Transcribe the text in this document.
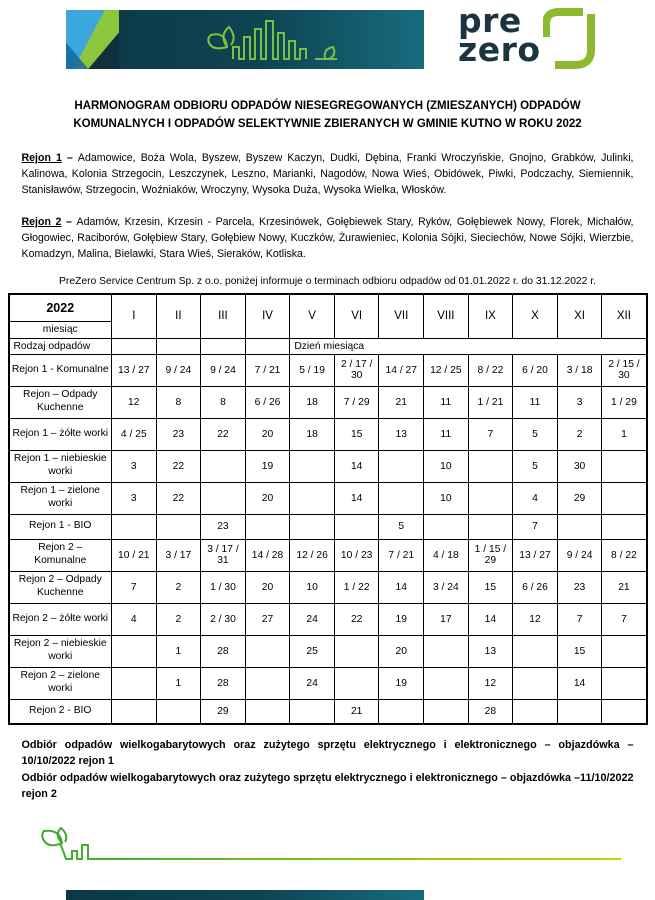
pre
zero
HARMONOGRAM ODBIORU ODPADÓW NIESEGREGOWANYCH (ZMIESZANYCH) ODPADÓW KOMUNALNYCH I ODPADÓW SELEKTYWNIE ZBIERANYCH W GMINIE KUTNO W ROKU 2022

Rejon 1 – Adamowice, Boża Wola, Byszew, Byszew Kaczyn, Dudki, Dębina, Franki Wroczyńskie, Gnojno, Grabków, Julinki, Kalinowa, Kolonia Strzegocin, Leszczynek, Leszno, Marianki, Nagodów, Nowa Wieś, Obidówek, Piwki, Podczachy, Siemiennik, Stanisławów, Strzegocin, Woźniaków, Wroczyny, Wysoka Duża, Wysoka Wielka, Włosków.

Rejon 2 – Adamów, Krzesin, Krzesin - Parcela, Krzesinówek, Gołębiewek Stary, Ryków, Gołębiewek Nowy, Florek, Michałów, Głogowiec, Raciborów, Gołębiew Stary, Gołębiew Nowy, Kuczków, Żurawieniec, Kolonia Sójki, Sieciechów, Nowe Sójki, Wierzbie, Komadzyn, Malina, Bielawki, Stara Wieś, Sieraków, Kotliska.

PreZero Service Centrum Sp. z o.o. poniżej informuje o terminach odbioru odpadów od 01.01.2022 r. do 31.12.2022 r.
2022	I	II	III	IV	V	VI	VII	VIII	IX	X	XI	XII
miesiąc												
Rodzaj odpadów					Dzień miesiąca							
Rejon 1 - Komunalne	13 / 27	9 / 24	9 / 24	7 / 21	5 / 19	2 / 17 / 30	14 / 27	12 / 25	8 / 22	6 / 20	3 / 18	2 / 15 / 30
Rejon – Odpady Kuchenne	12	8	8	6 / 26	18	7 / 29	21	11	1 / 21	11	3	1 / 29
Rejon 1 – żółte worki	4 / 25	23	22	20	18	15	13	11	7	5	2	1
Rejon 1 – niebieskie worki	3	22		19		14		10		5	30	
Rejon 1 – zielone worki	3	22		20		14		10		4	29	
Rejon 1 - BIO			23				5			7		
Rejon 2 – Komunalne	10 / 21	3 / 17	3 / 17 / 31	14 / 28	12 / 26	10 / 23	7 / 21	4 / 18	1 / 15 / 29	13 / 27	9 / 24	8 / 22
Rejon 2 – Odpady Kuchenne	7	2	1 / 30	20	10	1 / 22	14	3 / 24	15	6 / 26	23	21
Rejon 2 – żółte worki	4	2	2 / 30	27	24	22	19	17	14	12	7	7
Rejon 2 – niebieskie worki		1	28		25		20		13		15	
Rejon 2 – zielone worki		1	28		24		19		12		14	
Rejon 2 - BIO			29			21			28			
Odbiór odpadów wielkogabarytowych oraz zużytego sprzętu elektrycznego i elektronicznego – objazdówka –10/10/2022 rejon 1
Odbiór odpadów wielkogabarytowych oraz zużytego sprzętu elektrycznego i elektronicznego – objazdówka –11/10/2022 rejon 2
